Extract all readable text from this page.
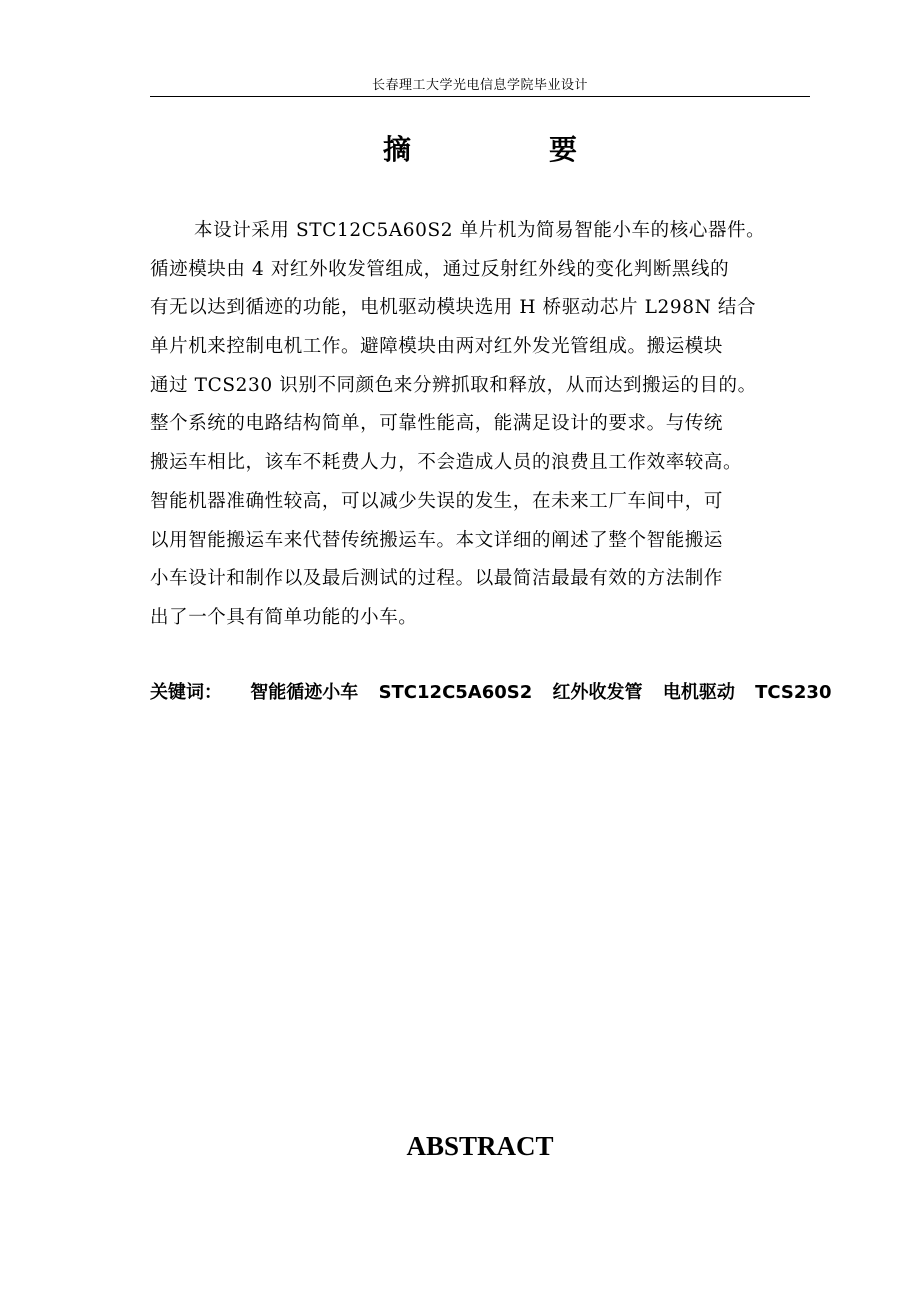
长春理工大学光电信息学院毕业设计
摘　要

本设计采用 STC12C5A60S2 单片机为简易智能小车的核心器件。
循迹模块由 4 对红外收发管组成，通过反射红外线的变化判断黑线的
有无以达到循迹的功能，电机驱动模块选用 H 桥驱动芯片 L298N 结合
单片机来控制电机工作。避障模块由两对红外发光管组成。搬运模块
通过 TCS230 识别不同颜色来分辨抓取和释放，从而达到搬运的目的。
整个系统的电路结构简单，可靠性能高，能满足设计的要求。与传统
搬运车相比，该车不耗费人力，不会造成人员的浪费且工作效率较高。
智能机器准确性较高，可以减少失误的发生，在未来工厂车间中，可
以用智能搬运车来代替传统搬运车。本文详细的阐述了整个智能搬运
小车设计和制作以及最后测试的过程。以最简洁最最有效的方法制作
出了一个具有简单功能的小车。

关键词： 智能循迹小车 STC12C5A60S2 红外收发管 电机驱动 TCS230
ABSTRACT
